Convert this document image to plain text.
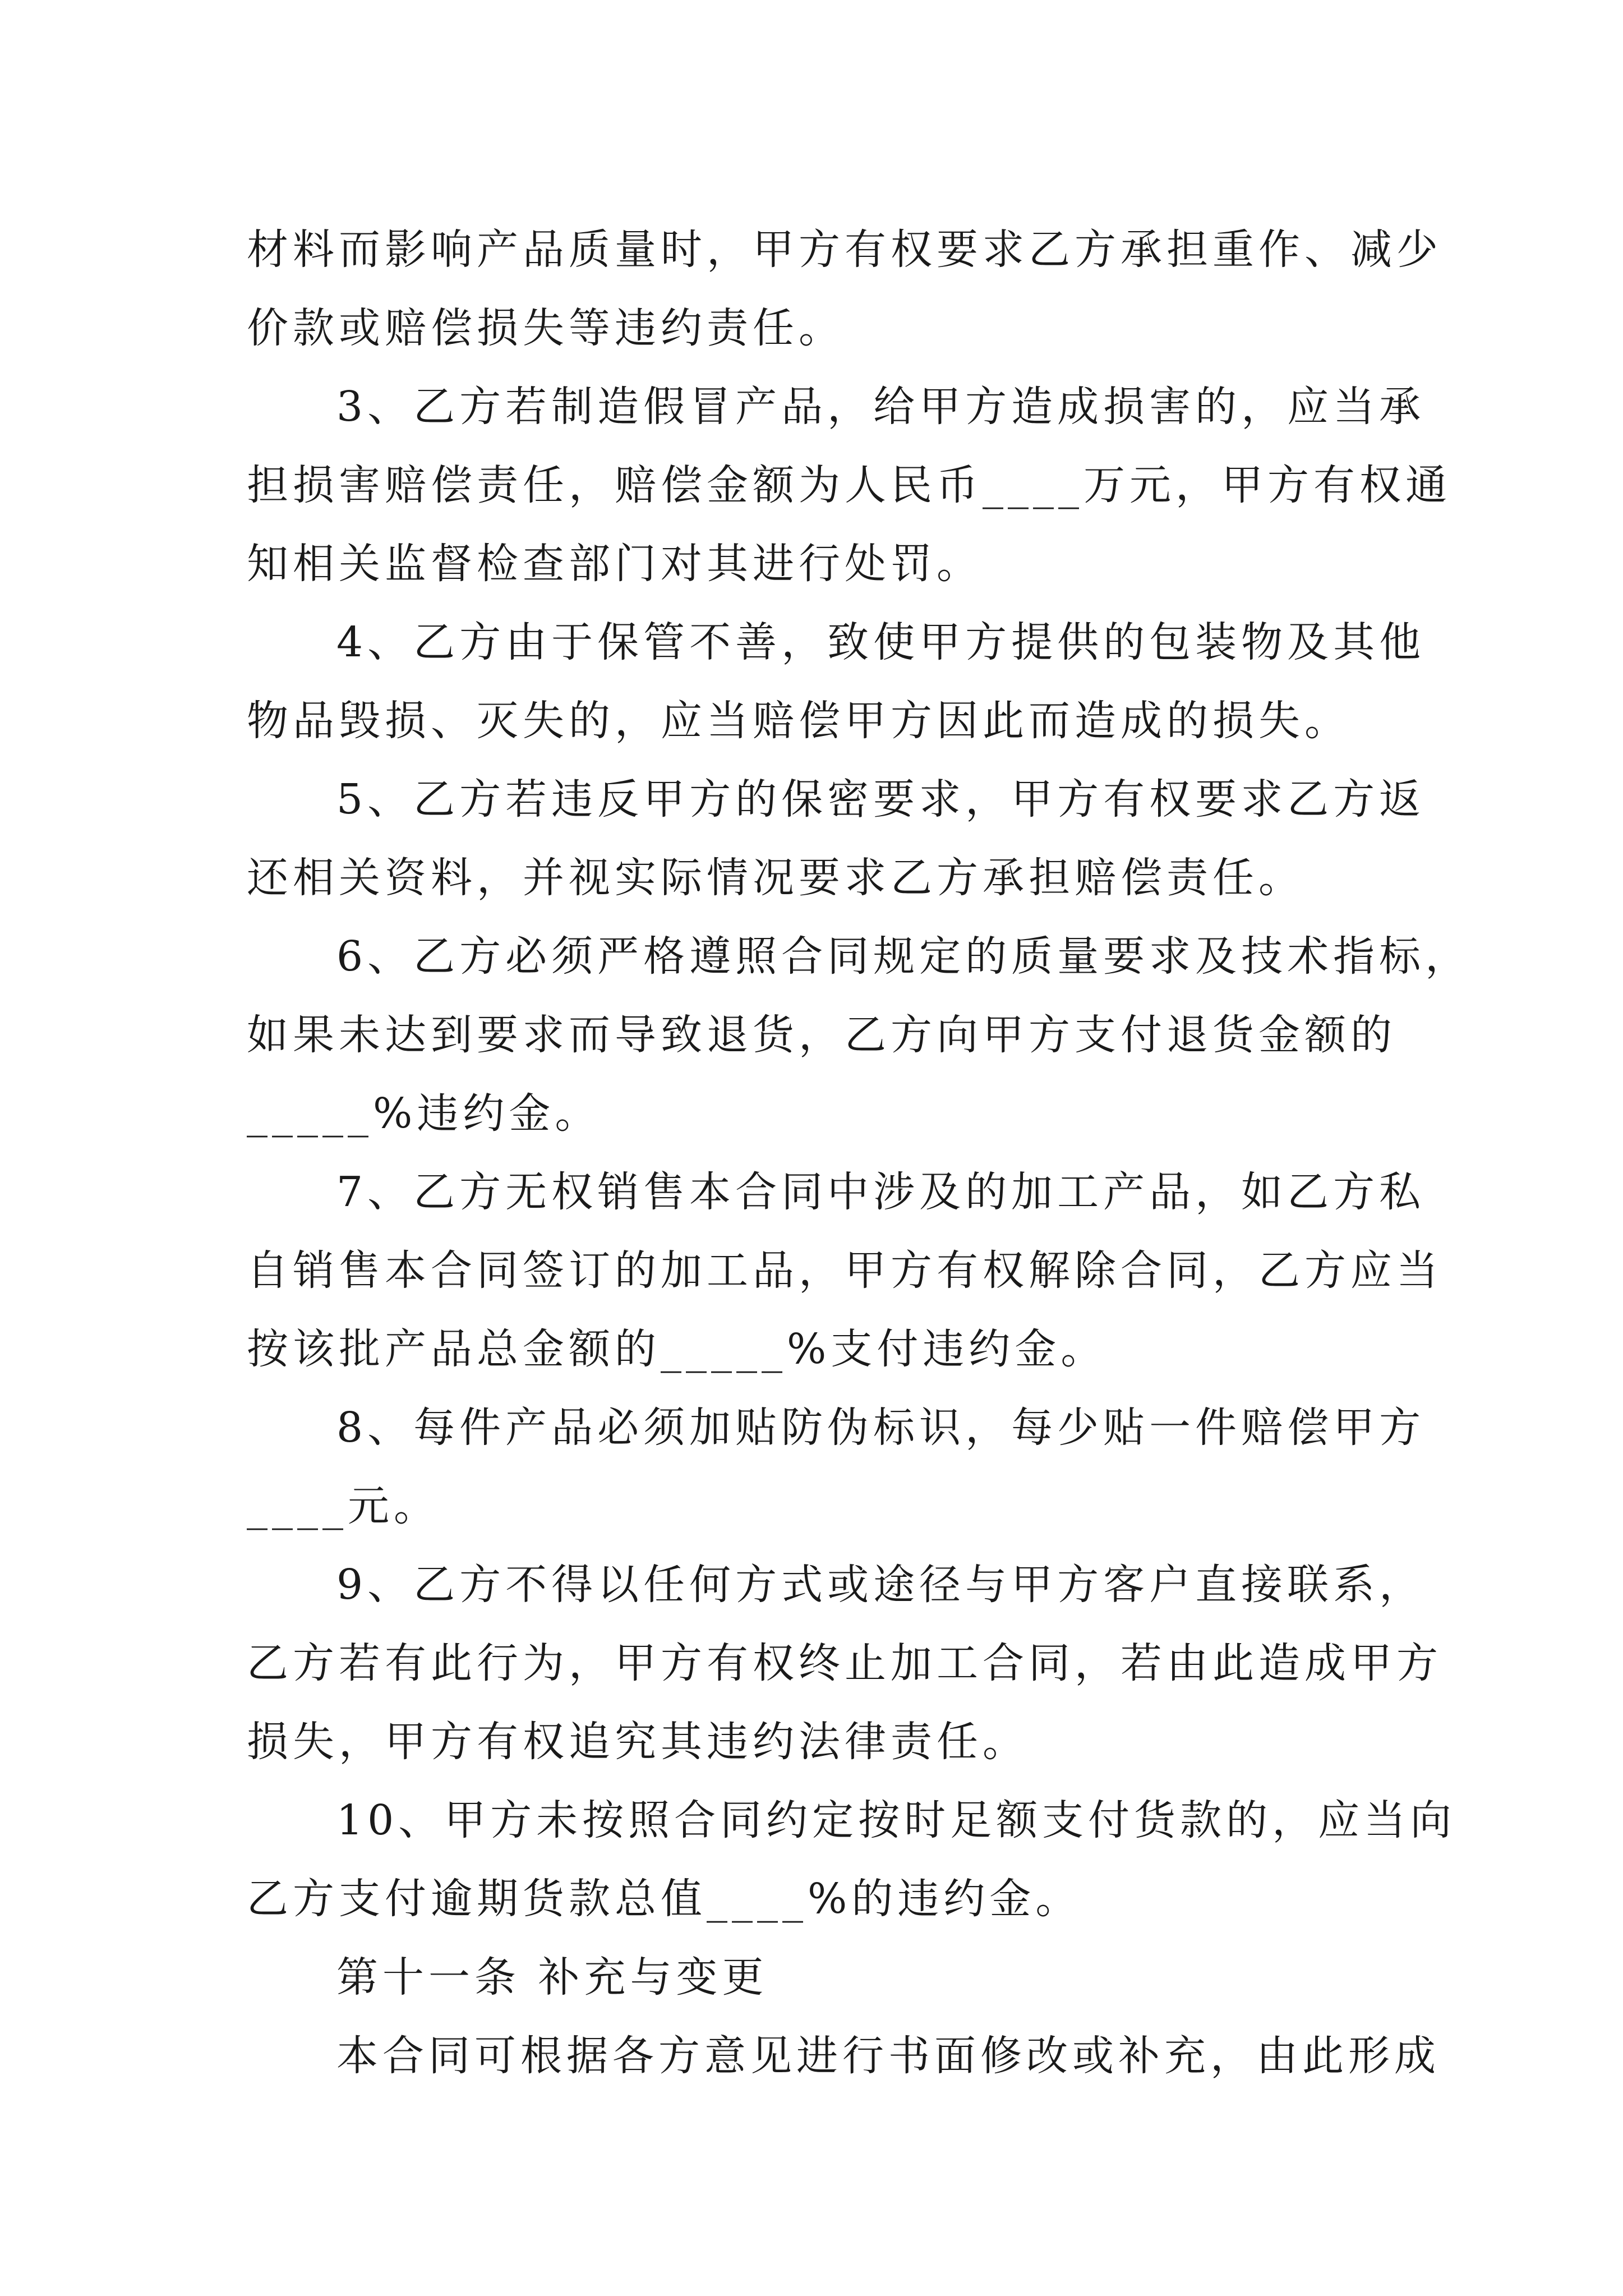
材料而影响产品质量时，甲方有权要求乙方承担重作、减少

价款或赔偿损失等违约责任。

3、乙方若制造假冒产品，给甲方造成损害的，应当承

担损害赔偿责任，赔偿金额为人民币____万元，甲方有权通

知相关监督检查部门对其进行处罚。

4、乙方由于保管不善，致使甲方提供的包装物及其他

物品毁损、灭失的，应当赔偿甲方因此而造成的损失。

5、乙方若违反甲方的保密要求，甲方有权要求乙方返

还相关资料，并视实际情况要求乙方承担赔偿责任。

6、乙方必须严格遵照合同规定的质量要求及技术指标，

如果未达到要求而导致退货，乙方向甲方支付退货金额的

_____%违约金。

7、乙方无权销售本合同中涉及的加工产品，如乙方私

自销售本合同签订的加工品，甲方有权解除合同，乙方应当

按该批产品总金额的_____%支付违约金。

8、每件产品必须加贴防伪标识，每少贴一件赔偿甲方

____元。

9、乙方不得以任何方式或途径与甲方客户直接联系，

乙方若有此行为，甲方有权终止加工合同，若由此造成甲方

损失，甲方有权追究其违约法律责任。

10、甲方未按照合同约定按时足额支付货款的，应当向

乙方支付逾期货款总值____%的违约金。

第十一条 补充与变更

本合同可根据各方意见进行书面修改或补充，由此形成
